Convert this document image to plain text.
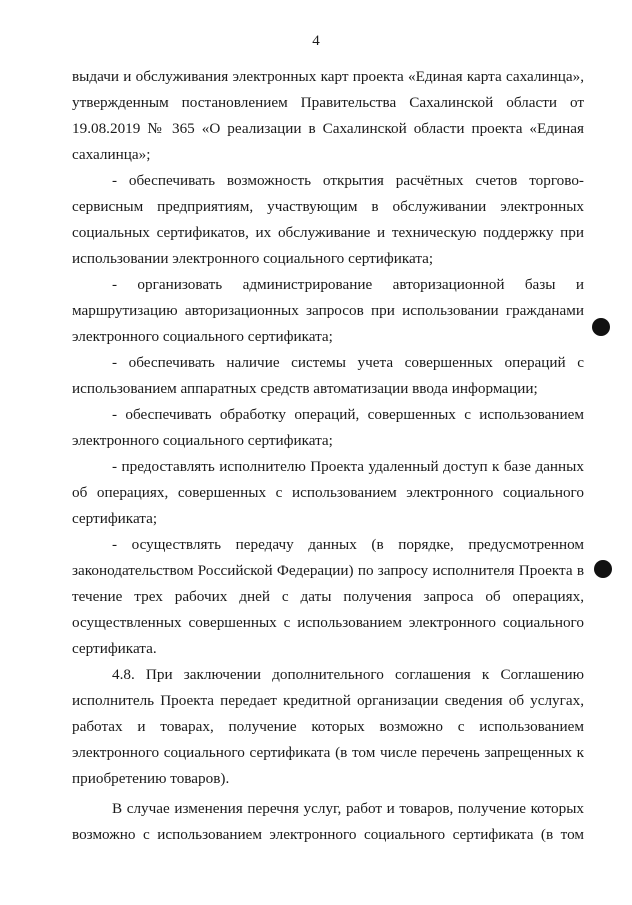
4
выдачи и обслуживания электронных карт проекта «Единая карта сахалинца»,
утвержденным постановлением Правительства Сахалинской области от
19.08.2019 № 365 «О реализации в Сахалинской области проекта «Единая
сахалинца»;
- обеспечивать возможность открытия расчётных счетов торгово-
сервисным предприятиям, участвующим в обслуживании электронных
социальных сертификатов, их обслуживание и техническую поддержку при
использовании электронного социального сертификата;
- организовать администрирование авторизационной базы и
маршрутизацию авторизационных запросов при использовании гражданами
электронного социального сертификата;
- обеспечивать наличие системы учета совершенных операций с
использованием аппаратных средств автоматизации ввода информации;
- обеспечивать обработку операций, совершенных с использованием
электронного социального сертификата;
- предоставлять исполнителю Проекта удаленный доступ к базе данных
об операциях, совершенных с использованием электронного социального
сертификата;
- осуществлять передачу данных (в порядке, предусмотренном
законодательством Российской Федерации) по запросу исполнителя Проекта в
течение трех рабочих дней с даты получения запроса об операциях,
осуществленных совершенных с использованием электронного социального
сертификата.
4.8. При заключении дополнительного соглашения к Соглашению
исполнитель Проекта передает кредитной организации сведения об услугах,
работах и товарах, получение которых возможно с использованием
электронного социального сертификата (в том числе перечень запрещенных к
приобретению товаров).
В случае изменения перечня услуг, работ и товаров, получение которых
возможно с использованием электронного социального сертификата (в том
